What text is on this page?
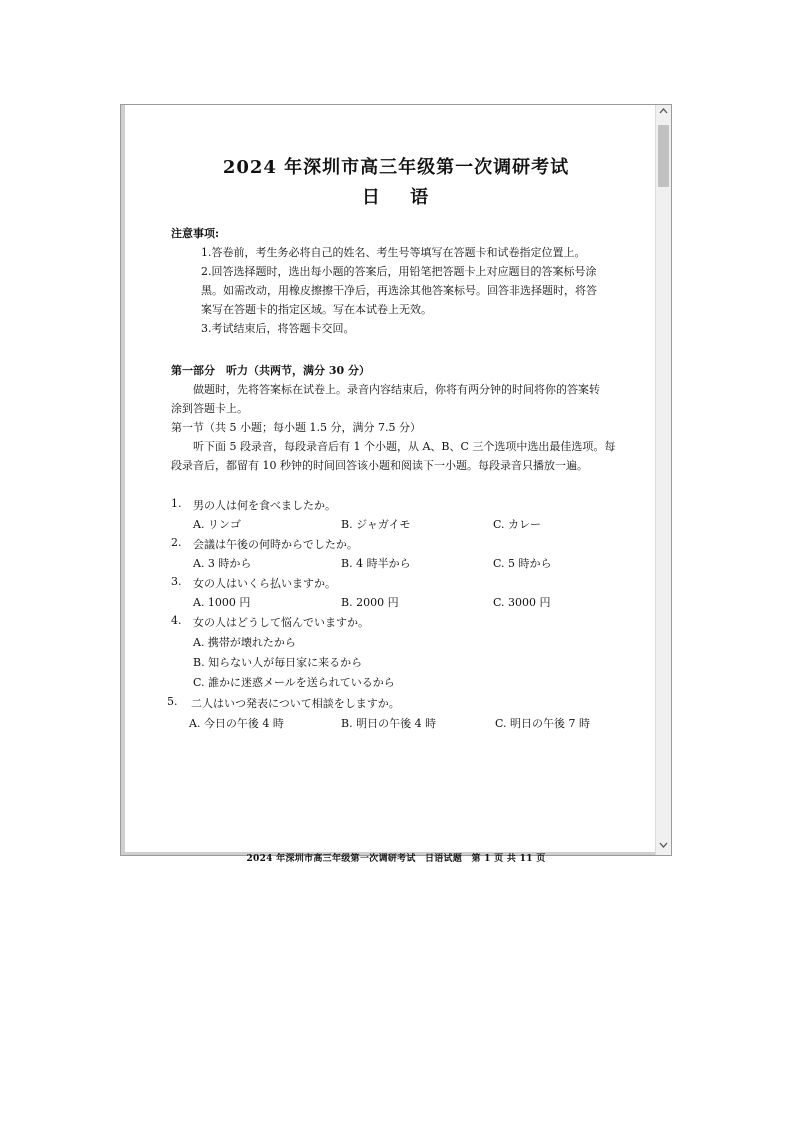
2024 年深圳市高三年级第一次调研考试
日 语
注意事项:
1.答卷前，考生务必将自己的姓名、考生号等填写在答题卡和试卷指定位置上。
2.回答选择题时，选出每小题的答案后，用铅笔把答题卡上对应题目的答案标号涂
黑。如需改动，用橡皮擦擦干净后，再选涂其他答案标号。回答非选择题时，将答
案写在答题卡的指定区域。写在本试卷上无效。
3.考试结束后，将答题卡交回。
第一部分　听力（共两节，满分 30 分）
做题时，先将答案标在试卷上。录音内容结束后，你将有两分钟的时间将你的答案转
涂到答题卡上。
第一节（共 5 小题；每小题 1.5 分，满分 7.5 分）
听下面 5 段录音，每段录音后有 1 个小题，从 A、B、C 三个选项中选出最佳选项。每
段录音后，都留有 10 秒钟的时间回答该小题和阅读下一小题。每段录音只播放一遍。
1. 男の人は何を食べましたか。
A. リンゴ	B. ジャガイモ	C. カレー
2. 会議は午後の何時からでしたか。
A. 3 時から	B. 4 時半から	C. 5 時から
3. 女の人はいくら払いますか。
A. 1000 円	B. 2000 円	C. 3000 円
4. 女の人はどうして悩んでいますか。
A. 携帯が壊れたから
B. 知らない人が毎日家に来るから
C. 誰かに迷惑メールを送られているから
5. 二人はいつ発表について相談をしますか。
A. 今日の午後 4 時	B. 明日の午後 4 時	C. 明日の午後 7 時
2024 年深圳市高三年级第一次调研考试　日语试题　第 1 页 共 11 页
